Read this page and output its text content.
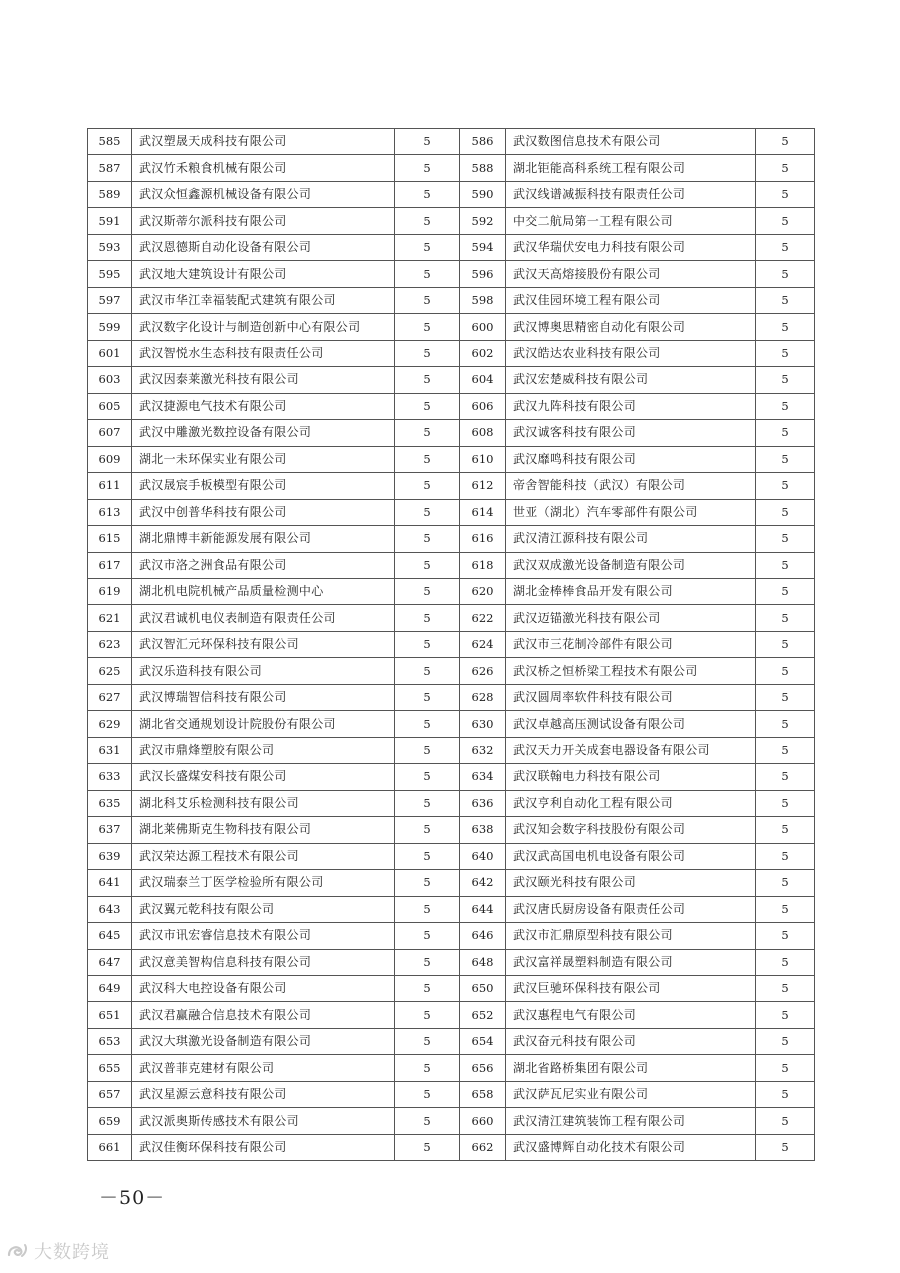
585	武汉塑晟天成科技有限公司	5	586	武汉数图信息技术有限公司	5
587	武汉竹禾粮食机械有限公司	5	588	湖北钜能高科系统工程有限公司	5
589	武汉众恒鑫源机械设备有限公司	5	590	武汉线谱减振科技有限责任公司	5
591	武汉斯蒂尔派科技有限公司	5	592	中交二航局第一工程有限公司	5
593	武汉恩德斯自动化设备有限公司	5	594	武汉华瑞伏安电力科技有限公司	5
595	武汉地大建筑设计有限公司	5	596	武汉天高熔接股份有限公司	5
597	武汉市华江幸福装配式建筑有限公司	5	598	武汉佳园环境工程有限公司	5
599	武汉数字化设计与制造创新中心有限公司	5	600	武汉博奥思精密自动化有限公司	5
601	武汉智悦水生态科技有限责任公司	5	602	武汉皓达农业科技有限公司	5
603	武汉因泰莱激光科技有限公司	5	604	武汉宏楚威科技有限公司	5
605	武汉捷源电气技术有限公司	5	606	武汉九阵科技有限公司	5
607	武汉中雕激光数控设备有限公司	5	608	武汉诚客科技有限公司	5
609	湖北一未环保实业有限公司	5	610	武汉靡鸣科技有限公司	5
611	武汉晟宸手板模型有限公司	5	612	帝舍智能科技（武汉）有限公司	5
613	武汉中创普华科技有限公司	5	614	世亚（湖北）汽车零部件有限公司	5
615	湖北鼎博丰新能源发展有限公司	5	616	武汉清江源科技有限公司	5
617	武汉市洛之洲食品有限公司	5	618	武汉双成激光设备制造有限公司	5
619	湖北机电院机械产品质量检测中心	5	620	湖北金棒棒食品开发有限公司	5
621	武汉君诚机电仪表制造有限责任公司	5	622	武汉迈锚激光科技有限公司	5
623	武汉智汇元环保科技有限公司	5	624	武汉市三花制冷部件有限公司	5
625	武汉乐造科技有限公司	5	626	武汉桥之恒桥梁工程技术有限公司	5
627	武汉博瑞智信科技有限公司	5	628	武汉圆周率软件科技有限公司	5
629	湖北省交通规划设计院股份有限公司	5	630	武汉卓越高压测试设备有限公司	5
631	武汉市鼎烽塑胶有限公司	5	632	武汉天力开关成套电器设备有限公司	5
633	武汉长盛煤安科技有限公司	5	634	武汉联翰电力科技有限公司	5
635	湖北科艾乐检测科技有限公司	5	636	武汉亨利自动化工程有限公司	5
637	湖北莱佛斯克生物科技有限公司	5	638	武汉知会数字科技股份有限公司	5
639	武汉荣达源工程技术有限公司	5	640	武汉武高国电机电设备有限公司	5
641	武汉瑞泰兰丁医学检验所有限公司	5	642	武汉颐光科技有限公司	5
643	武汉翼元乾科技有限公司	5	644	武汉唐氏厨房设备有限责任公司	5
645	武汉市讯宏睿信息技术有限公司	5	646	武汉市汇鼎原型科技有限公司	5
647	武汉意美智构信息科技有限公司	5	648	武汉富祥晟塑料制造有限公司	5
649	武汉科大电控设备有限公司	5	650	武汉巨驰环保科技有限公司	5
651	武汉君赢融合信息技术有限公司	5	652	武汉惠程电气有限公司	5
653	武汉大琪激光设备制造有限公司	5	654	武汉奋元科技有限公司	5
655	武汉普菲克建材有限公司	5	656	湖北省路桥集团有限公司	5
657	武汉星源云意科技有限公司	5	658	武汉萨瓦尼实业有限公司	5
659	武汉派奥斯传感技术有限公司	5	660	武汉清江建筑装饰工程有限公司	5
661	武汉佳衡环保科技有限公司	5	662	武汉盛博辉自动化技术有限公司	5
－50－
大数跨境
